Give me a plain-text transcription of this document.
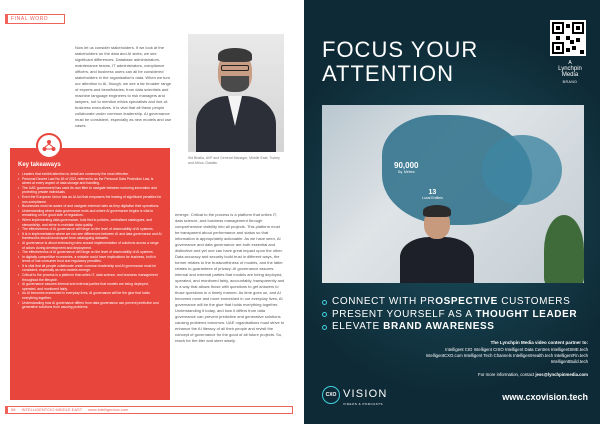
FINAL WORD

Now let us consider stakeholders. If we look at the stakeholders on the data and AI sides, we see significant differences. Database administrators, maintenance teams, IT administrators, compliance officers, and business users can all be considered stakeholders in the organisation's data. When we turn our attention to AI, though, we see a far broader range of experts and beneficiaries; from data scientists and machine language engineers to risk managers and lawyers, not to mention ethics specialists and line-of-business executives. It is vital that all these people collaborate under common leadership. AI governance must be consistent, especially as new models and use cases

Sid Bhatia, AVP and General Manager, Middle East, Turkey and Africa, Dataiku

Key takeaways
• Leaders that exhibit attention to detail are commonly the most effective.
• Personal Decree Law No 45 of 2021 referred to as the Personal Data Protection Law, is aimed at every aspect of data storage and handling.
• The UAE government has used its own filter to navigate between nurturing innovation and protecting private individuals.
• Even the European Union has an AI Act that empowers the leasing of significant penalties for non-compliance.
• Businesses must be aware of and navigate external rules as they digitalise their operations.
• Understanding where data governance ends and where AI governance begins is vital to remaining on the good side of regulators.
• When implementing data governance, look first to policies, centralised catalogues, and stewardship, and strive to maintain data quality.
• The effectiveness of AI governance will hinge on the level of observability of AI systems.
• It is in implementation where we can see differences between AI and data governance and AI frameworks should avoid apart from cataloguing datasets.
• AI governance is about embracing rules around implementation of solutions across a range of actors during development and deployment.
• The effectiveness of AI governance will hinge on the level of observability of AI systems.
• In digitally competitive economies, a mistake could have implications for business, both in terms of lost consumer trust and regulatory penalties.
• It is vital that all people collaborate under common leadership and AI governance must be consistent, especially as new models emerge.
• Critical to the process is a platform that unites IT, data science, and business management throughout the lifecycle.
• AI governance assures internal and external parties that models are being deployed, operated, and monitored fairly.
• As AI becomes enmeshed in everyday lives, AI governance will be the glue that holds everything together.
• Understanding how AI governance differs from data governance can prevent predictive and generative solutions from causing problems.

emerge. Critical to the process is a platform that unites IT, data science, and business management through comprehensive visibility into all projects. This platform must be transparent about performance and status so that information is appropriately actionable. As we have seen, AI governance and data governance are both essential and distinctive and yet one can have great impact upon the other. Data accuracy and security build trust in different ways, the former relates to the trustworthiness of models, and the latter relates to guarantees of privacy. AI governance assures internal and external parties that models are being deployed, operated, and monitored fairly, accountably, transparently and in a way that allows those with questions to get answers to those questions in a timely manner. As time goes on, and AI becomes more and more enmeshed in our everyday lives, AI governance will be the glue that holds everything together. Understanding it today, and how it differs from data governance can prevent predictive and generative solutions causing problems tomorrow. UAE organisations must strive to enhance the AI literacy of all their people and revisit the concept of governance for the good of all future projects. So, reach for the titer and steer wisely.

58 INTELLIGENTCIO MIDDLE EAST www.intelligentcio.com
FOCUS YOUR
ATTENTION	A
Lynchpin Media
BRAND
90,000
Sq. Metres
13
Local Entities
CONNECT WITH PROSPECTIVE CUSTOMERS
PRESENT YOURSELF AS A THOUGHT LEADER
ELEVATE BRAND AWARENESS
The Lynchpin Media video content partner to:
Intelligent CIO Intelligent CISO Intelligent Data Centres IntelligentSME.tech IntelligentCXO.com Intelligent Tech Channels IntelligentHealth.tech IntelligentFin.tech IntelligentBuild.tech
For more information, contact jess@lynchpinmedia.com
CXO VISION
VIDEOS & PODCASTS
www.cxovision.tech
